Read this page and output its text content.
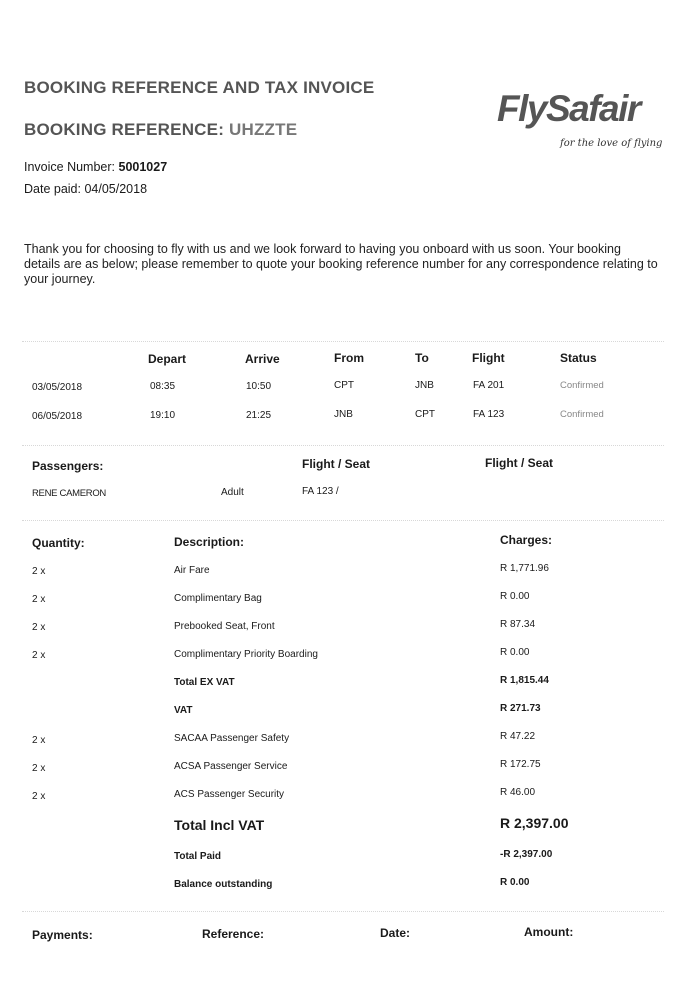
BOOKING REFERENCE AND TAX INVOICE
BOOKING REFERENCE: UHZZTE
Invoice Number: 5001027
Date paid: 04/05/2018
FlySafair
for the love of flying

Thank you for choosing to fly with us and we look forward to having you onboard with us soon. Your booking details are as below; please remember to quote your booking reference number for any correspondence relating to your journey.

Depart	Arrive	From	To	Flight	Status
03/05/2018	08:35	10:50	CPT	JNB	FA 201	Confirmed
06/05/2018	19:10	21:25	JNB	CPT	FA 123	Confirmed
Passengers:	Flight / Seat	Flight / Seat
RENE CAMERON	Adult	FA 123 /
Quantity:	Description:	Charges:
2 x	Air Fare	R 1,771.96
2 x	Complimentary Bag	R 0.00
2 x	Prebooked Seat, Front	R 87.34
2 x	Complimentary Priority Boarding	R 0.00
Total EX VAT	R 1,815.44
VAT	R 271.73
2 x	SACAA Passenger Safety	R 47.22
2 x	ACSA Passenger Service	R 172.75
2 x	ACS Passenger Security	R 46.00
Total Incl VAT	R 2,397.00
Total Paid	-R 2,397.00
Balance outstanding	R 0.00
Payments:	Reference:	Date:	Amount:
